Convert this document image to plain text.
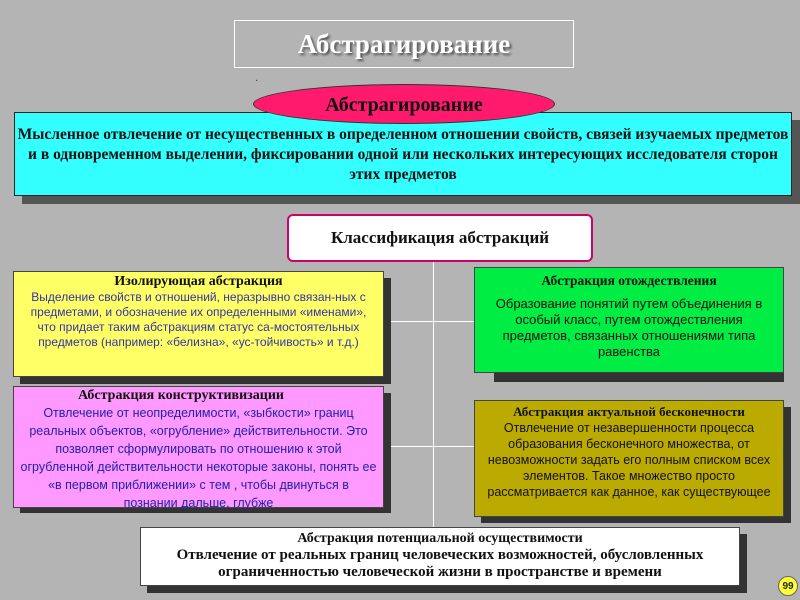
Абстрагирование
·
Мысленное отвлечение от несущественных в определенном отношении свойств, связей изучаемых предметов и в одновременном выделении, фиксировании одной или нескольких интересующих исследователя сторон этих предметов
Абстрагирование
Классификация абстракций
Изолирующая абстракция
Выделение свойств и отношений, неразрывно связан-ных с предметами, и обозначение их определенными «именами», что придает таким абстракциям статус са-мостоятельных предметов (например: «белизна», «ус-тойчивость» и т.д.)
Абстракция отождествления
Образование понятий путем объединения в особый класс, путем отождествления предметов, связанных отношениями типа равенства
Абстракция конструктивизации
Отвлечение от неопределимости, «зыбкости» границ реальных объектов, «огрубление» действительности. Это позволяет сформулировать по отношению к этой огрубленной действительности некоторые законы, понять ее «в первом приближении» с тем , чтобы двинуться в познании дальше, глубже
Абстракция актуальной бесконечности
Отвлечение от незавершенности процесса образования бесконечного множества, от невозможности задать его полным списком всех элементов. Такое множество просто рассматривается как данное, как существующее
Абстракция потенциальной осуществимости
Отвлечение от реальных границ человеческих возможностей, обусловленных ограниченностью человеческой жизни в пространстве и времени
99
